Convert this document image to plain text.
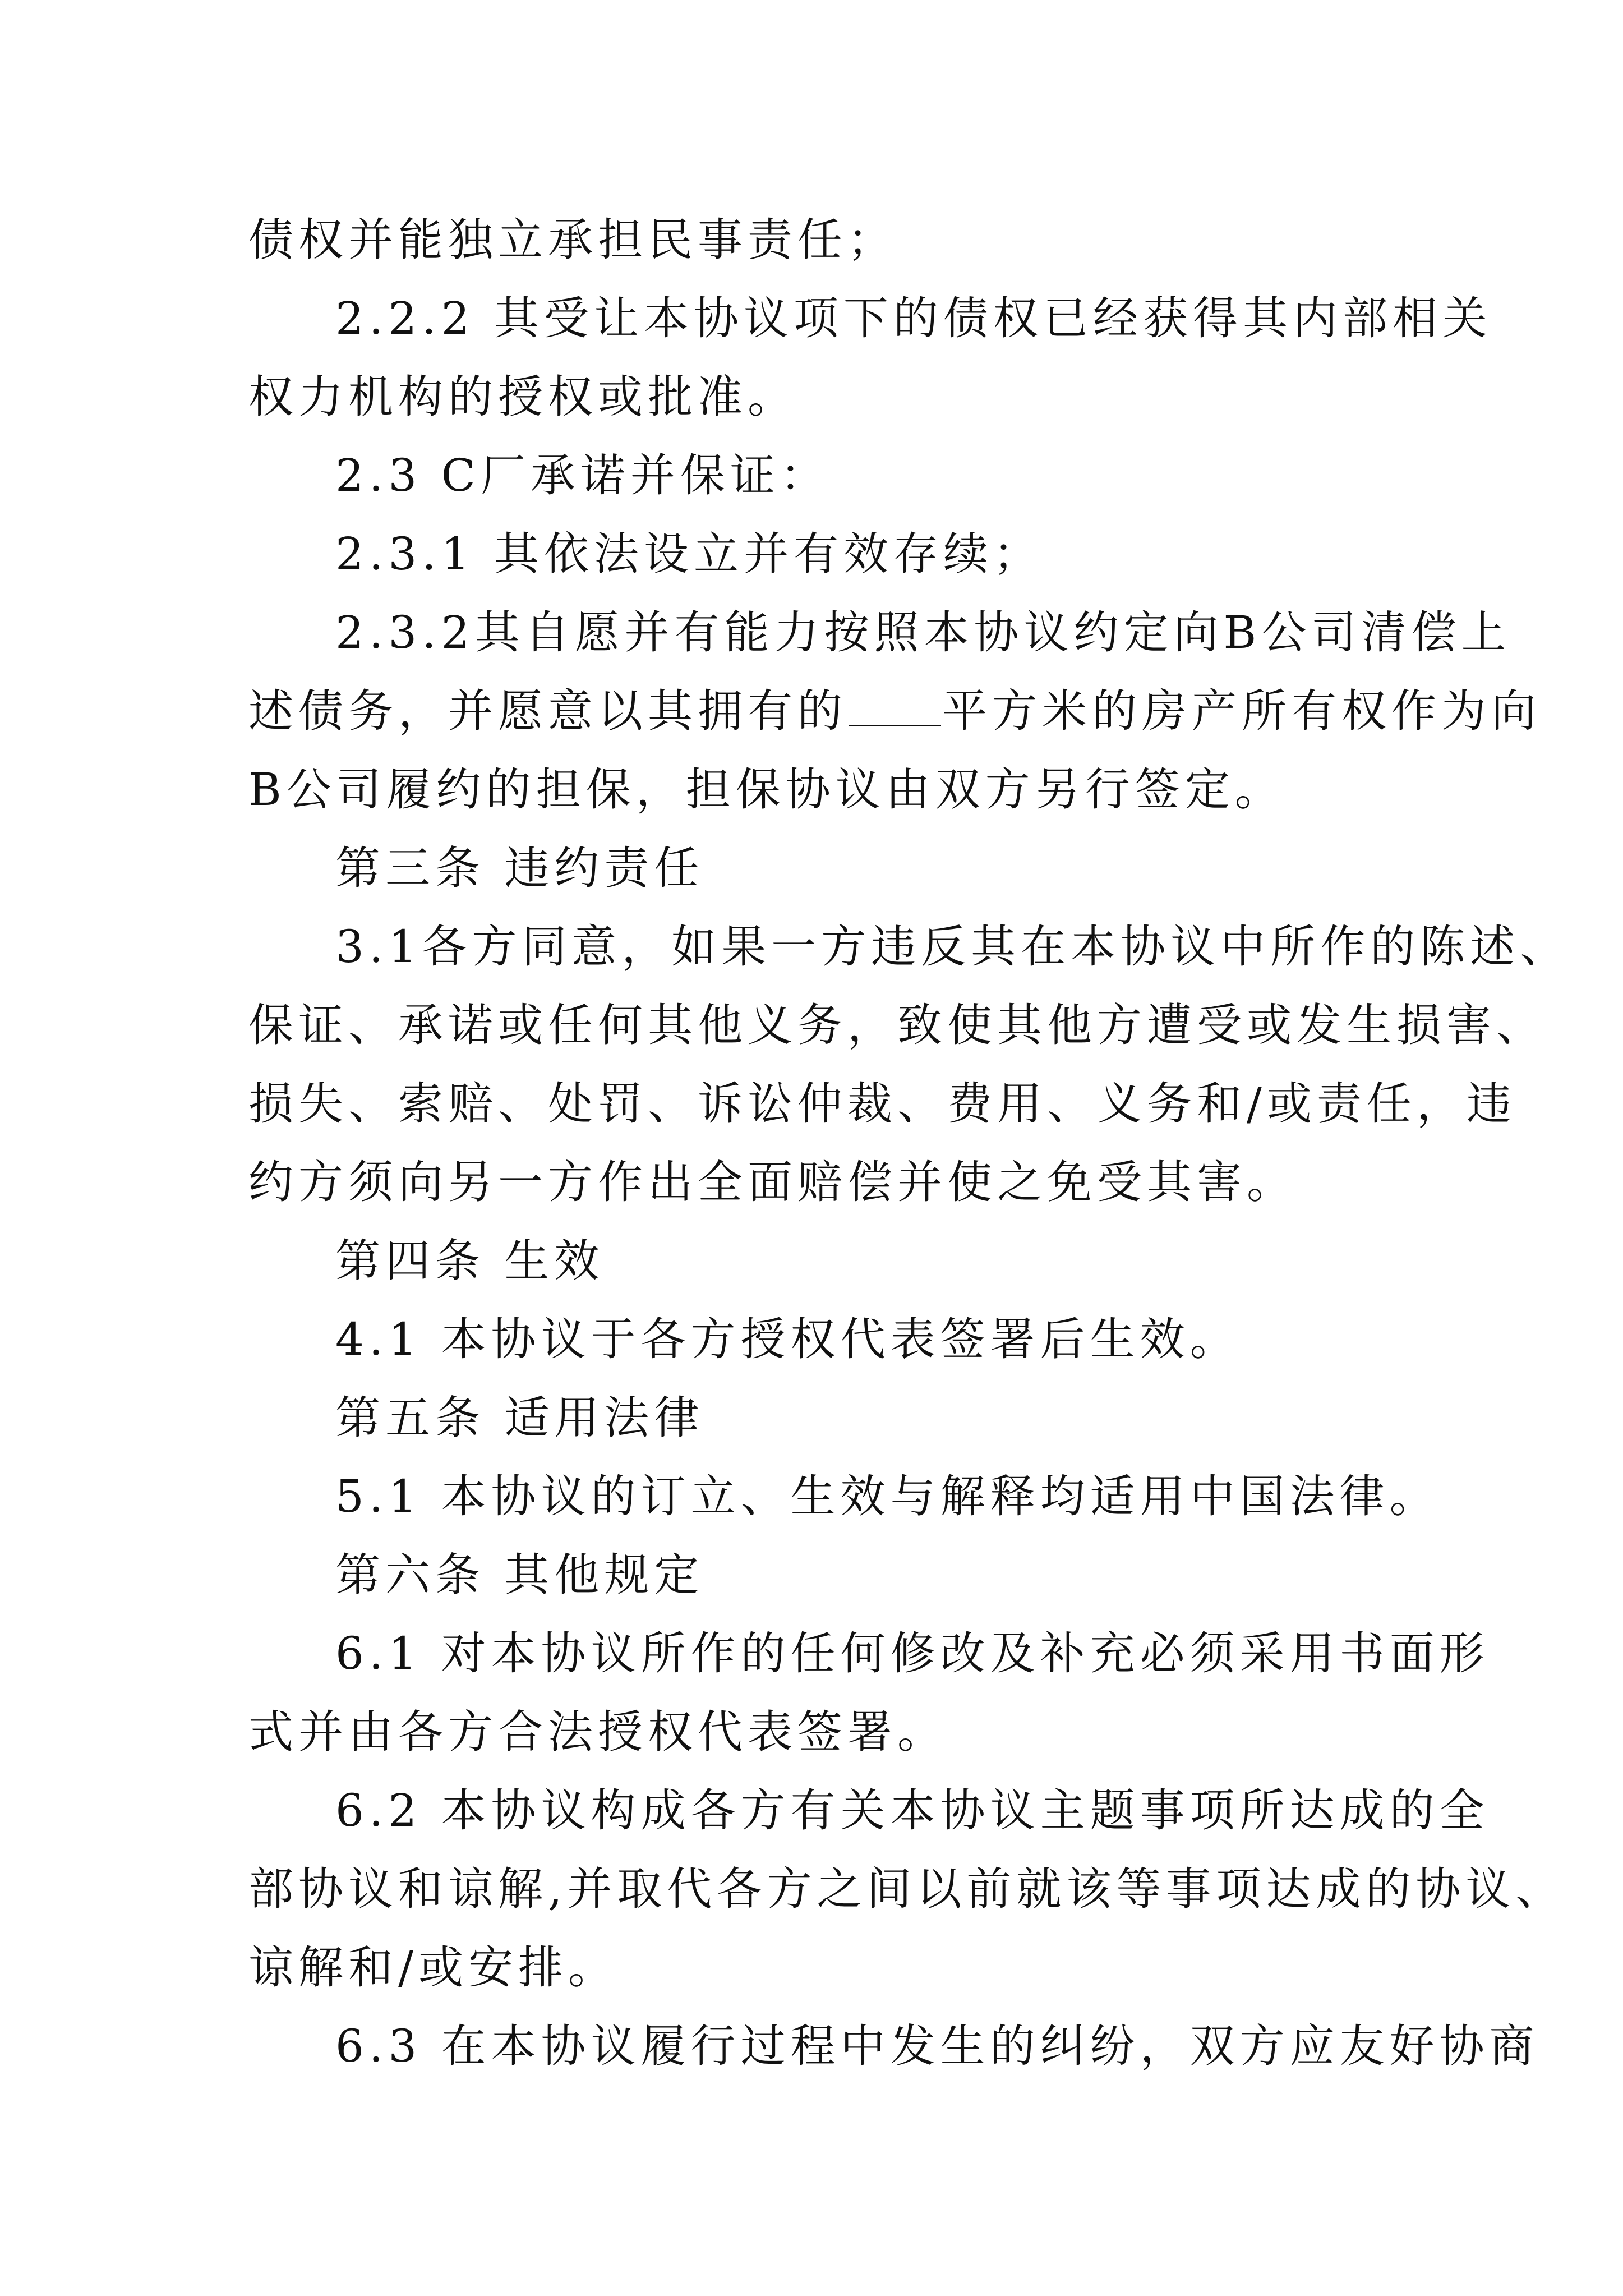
债权并能独立承担民事责任；
2.2.2 其受让本协议项下的债权已经获得其内部相关
权力机构的授权或批准。
2.3 C厂承诺并保证：
2.3.1 其依法设立并有效存续；
2.3.2其自愿并有能力按照本协议约定向B公司清偿上
述债务，并愿意以其拥有的 平方米的房产所有权作为向
B公司履约的担保，担保协议由双方另行签定。
第三条 违约责任
3.1各方同意，如果一方违反其在本协议中所作的陈述、
保证、承诺或任何其他义务，致使其他方遭受或发生损害、
损失、索赔、处罚、诉讼仲裁、费用、义务和/或责任，违
约方须向另一方作出全面赔偿并使之免受其害。
第四条 生效
4.1 本协议于各方授权代表签署后生效。
第五条 适用法律
5.1 本协议的订立、生效与解释均适用中国法律。
第六条 其他规定
6.1 对本协议所作的任何修改及补充必须采用书面形
式并由各方合法授权代表签署。
6.2 本协议构成各方有关本协议主题事项所达成的全
部协议和谅解,并取代各方之间以前就该等事项达成的协议、
谅解和/或安排。
6.3 在本协议履行过程中发生的纠纷，双方应友好协商
